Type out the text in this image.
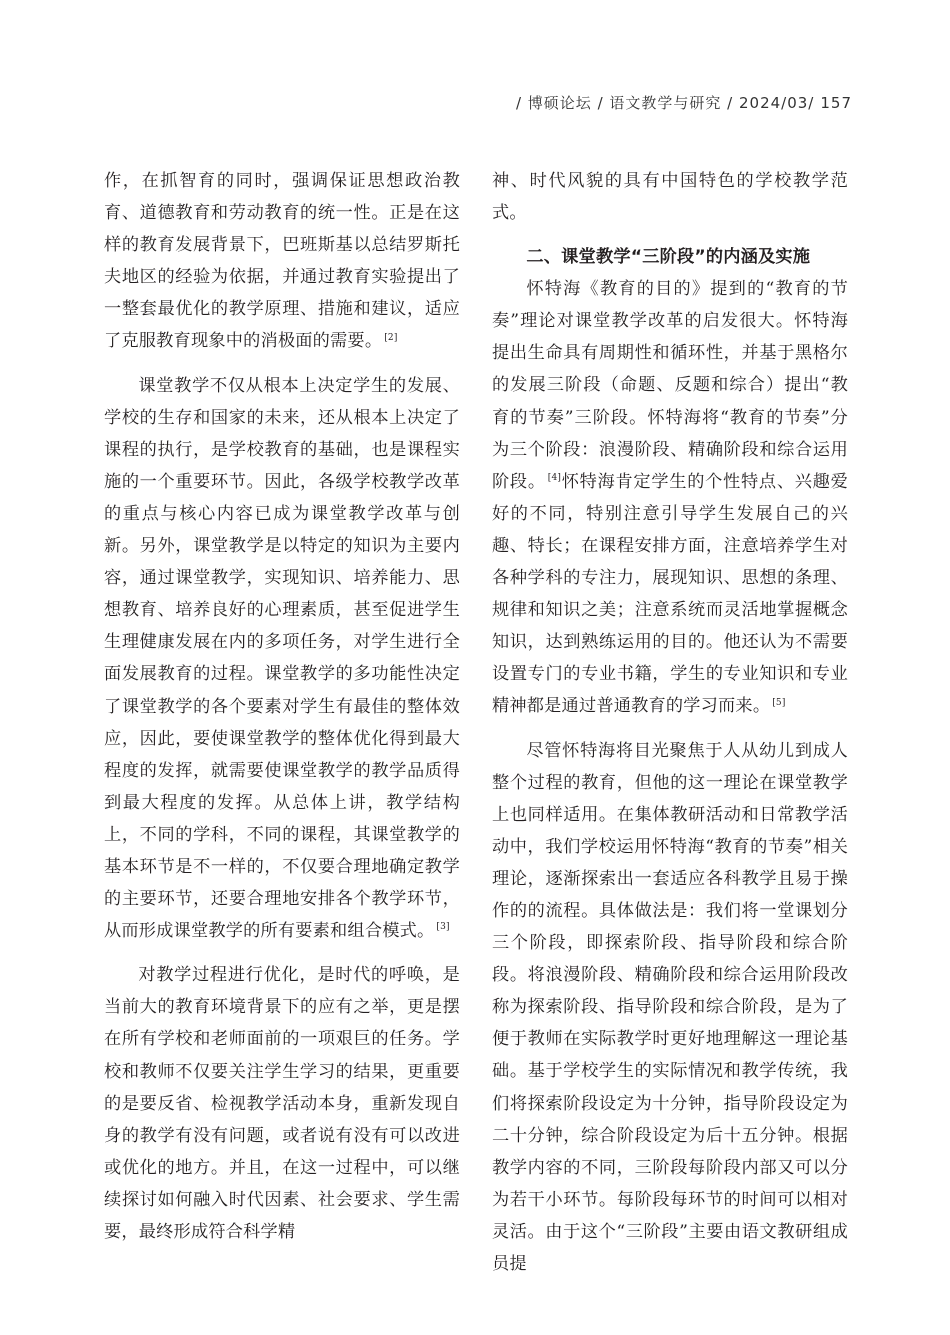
/ 博硕论坛 / 语文教学与研究 / 2024/03/ 157

作，在抓智育的同时，强调保证思想政治教育、道德教育和劳动教育的统一性。正是在这样的教育发展背景下，巴班斯基以总结罗斯托夫地区的经验为依据，并通过教育实验提出了一整套最优化的教学原理、措施和建议，适应了克服教育现象中的消极面的需要。 [2]

课堂教学不仅从根本上决定学生的发展、学校的生存和国家的未来，还从根本上决定了课程的执行，是学校教育的基础，也是课程实施的一个重要环节。因此，各级学校教学改革的重点与核心内容已成为课堂教学改革与创新。另外，课堂教学是以特定的知识为主要内容，通过课堂教学，实现知识、培养能力、思想教育、培养良好的心理素质，甚至促进学生生理健康发展在内的多项任务，对学生进行全面发展教育的过程。课堂教学的多功能性决定了课堂教学的各个要素对学生有最佳的整体效应，因此，要使课堂教学的整体优化得到最大程度的发挥，就需要使课堂教学的教学品质得到最大程度的发挥。从总体上讲，教学结构上，不同的学科，不同的课程，其课堂教学的基本环节是不一样的，不仅要合理地确定教学的主要环节，还要合理地安排各个教学环节，从而形成课堂教学的所有要素和组合模式。 [3]

对教学过程进行优化，是时代的呼唤，是当前大的教育环境背景下的应有之举，更是摆在所有学校和老师面前的一项艰巨的任务。学校和教师不仅要关注学生学习的结果，更重要的是要反省、检视教学活动本身，重新发现自身的教学有没有问题，或者说有没有可以改进或优化的地方。并且，在这一过程中，可以继续探讨如何融入时代因素、社会要求、学生需要，最终形成符合科学精

神、时代风貌的具有中国特色的学校教学范式。

二、课堂教学“三阶段”的内涵及实施

怀特海《教育的目的》提到的“教育的节奏”理论对课堂教学改革的启发很大。怀特海提出生命具有周期性和循环性，并基于黑格尔的发展三阶段（命题、反题和综合）提出“教育的节奏”三阶段。怀特海将“教育的节奏”分为三个阶段：浪漫阶段、精确阶段和综合运用阶段。 [4]怀特海肯定学生的个性特点、兴趣爱好的不同，特别注意引导学生发展自己的兴趣、特长；在课程安排方面，注意培养学生对各种学科的专注力，展现知识、思想的条理、规律和知识之美；注意系统而灵活地掌握概念知识，达到熟练运用的目的。他还认为不需要设置专门的专业书籍，学生的专业知识和专业精神都是通过普通教育的学习而来。 [5]

尽管怀特海将目光聚焦于人从幼儿到成人整个过程的教育，但他的这一理论在课堂教学上也同样适用。在集体教研活动和日常教学活动中，我们学校运用怀特海“教育的节奏”相关理论，逐渐探索出一套适应各科教学且易于操作的的流程。具体做法是：我们将一堂课划分三个阶段，即探索阶段、指导阶段和综合阶段。将浪漫阶段、精确阶段和综合运用阶段改称为探索阶段、指导阶段和综合阶段，是为了便于教师在实际教学时更好地理解这一理论基础。基于学校学生的实际情况和教学传统，我们将探索阶段设定为十分钟，指导阶段设定为二十分钟，综合阶段设定为后十五分钟。根据教学内容的不同，三阶段每阶段内部又可以分为若干小环节。每阶段每环节的时间可以相对灵活。由于这个“三阶段”主要由语文教研组成员提
